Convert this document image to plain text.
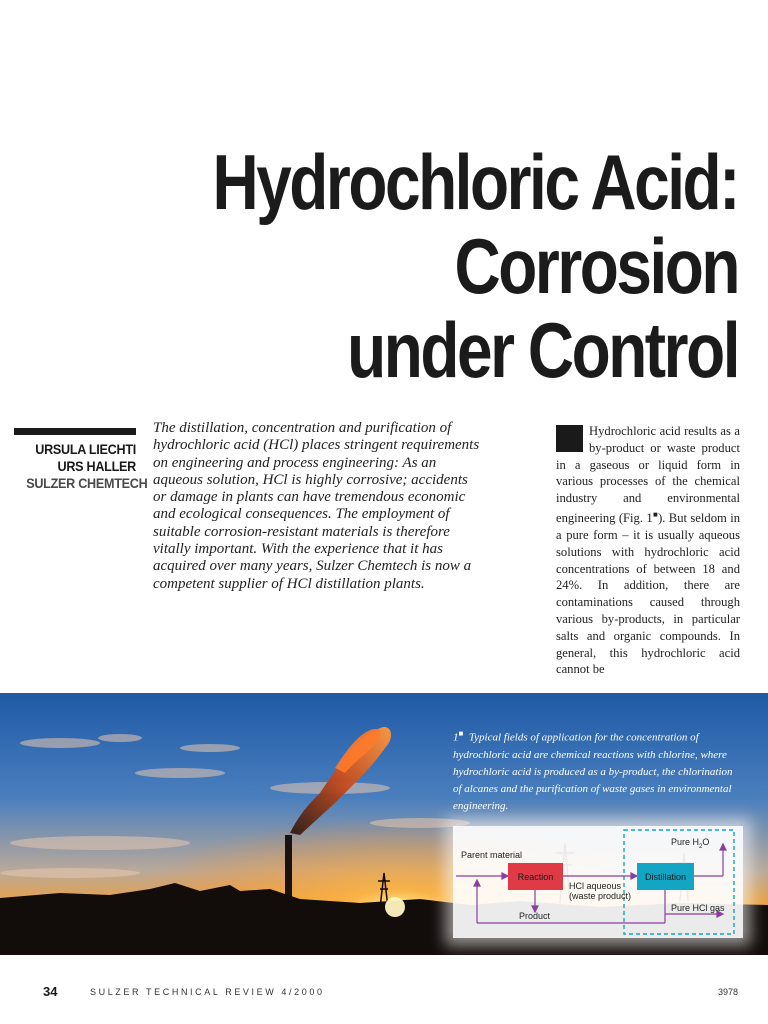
Hydrochloric Acid:
Corrosion
under Control
URSULA LIECHTI
URS HALLER
SULZER CHEMTECH

The distillation, concentration and purification of hydrochloric acid (HCl) places stringent requirements on engineering and process engineering: As an aqueous solution, HCl is highly corrosive; accidents or damage in plants can have tremendous economic and ecological consequences. The employment of suitable corrosion-resistant materials is therefore vitally important. With the experience that it has acquired over many years, Sulzer Chemtech is now a competent supplier of HCl distillation plants.

Hydrochloric acid results as a by-product or waste product in a gaseous or liquid form in various processes of the chemical industry and environmental engineering (Fig. 1■). But seldom in a pure form – it is usually aqueous solutions with hydrochloric acid concentrations of between 18 and 24%. In addition, there are contaminations caused through various by-products, in particular salts and organic compounds. In general, this hydrochloric acid cannot be

1■ Typical fields of application for the concentration of hydrochloric acid are chemical reactions with chlorine, where hydrochloric acid is produced as a by-product, the chlorination of alcanes and the purification of waste gases in environmental engineering.

Parent material
Reaction	Distillation
HCl aqueous
(waste product)
Product
Pure $H_2O$
Pure HCl gas
34	SULZER TECHNICAL REVIEW 4/2000	3978
